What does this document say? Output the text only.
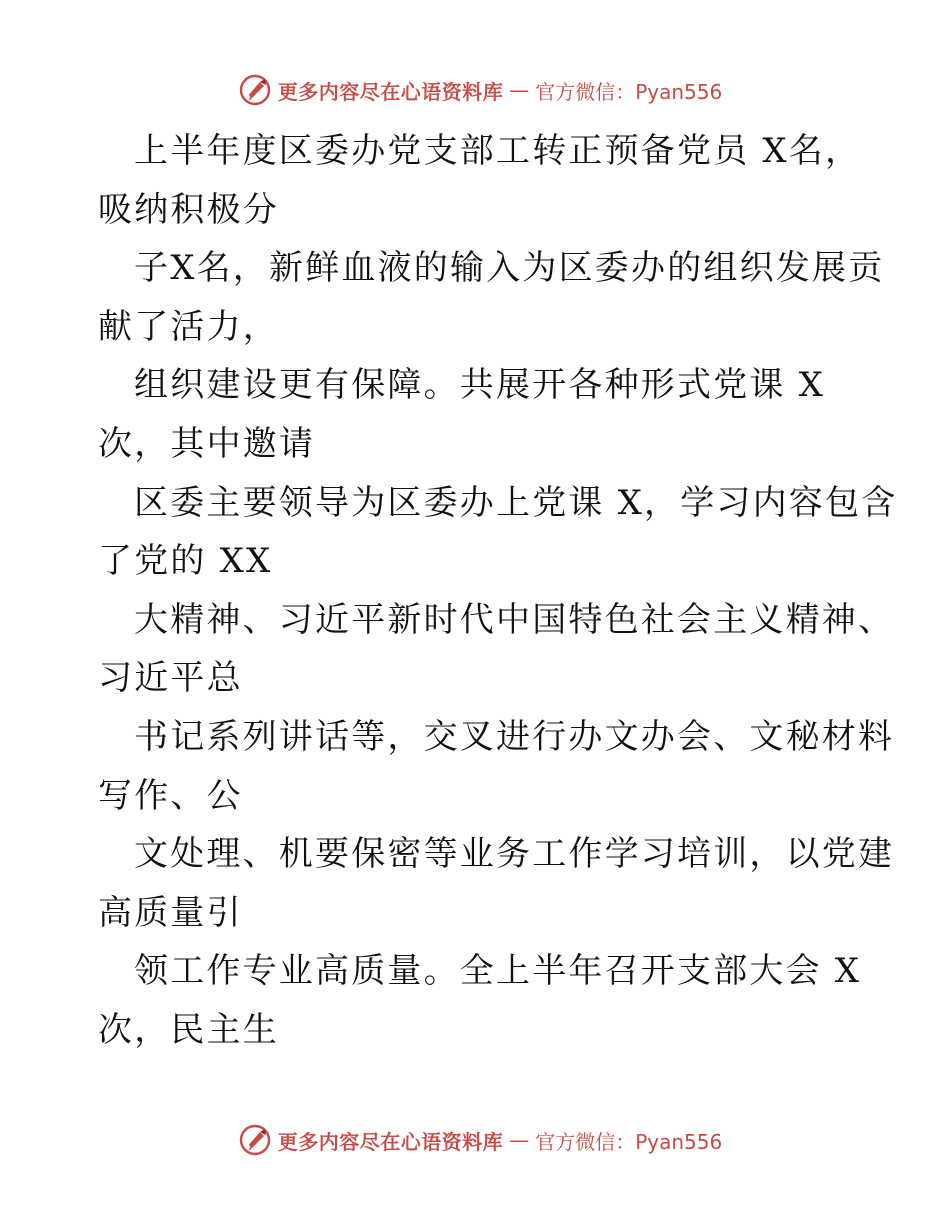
更多内容尽在心语资料库 — 官方微信：Pyan556
上半年度区委办党支部工转正预备党员 X名，
吸纳积极分
子X名，新鲜血液的输入为区委办的组织发展贡
献了活力，
组织建设更有保障。共展开各种形式党课 X
次，其中邀请
区委主要领导为区委办上党课 X，学习内容包含
了党的 XX
大精神、习近平新时代中国特色社会主义精神、
习近平总
书记系列讲话等，交叉进行办文办会、文秘材料
写作、公
文处理、机要保密等业务工作学习培训，以党建
高质量引
领工作专业高质量。全上半年召开支部大会 X
次，民主生
更多内容尽在心语资料库 — 官方微信：Pyan556
